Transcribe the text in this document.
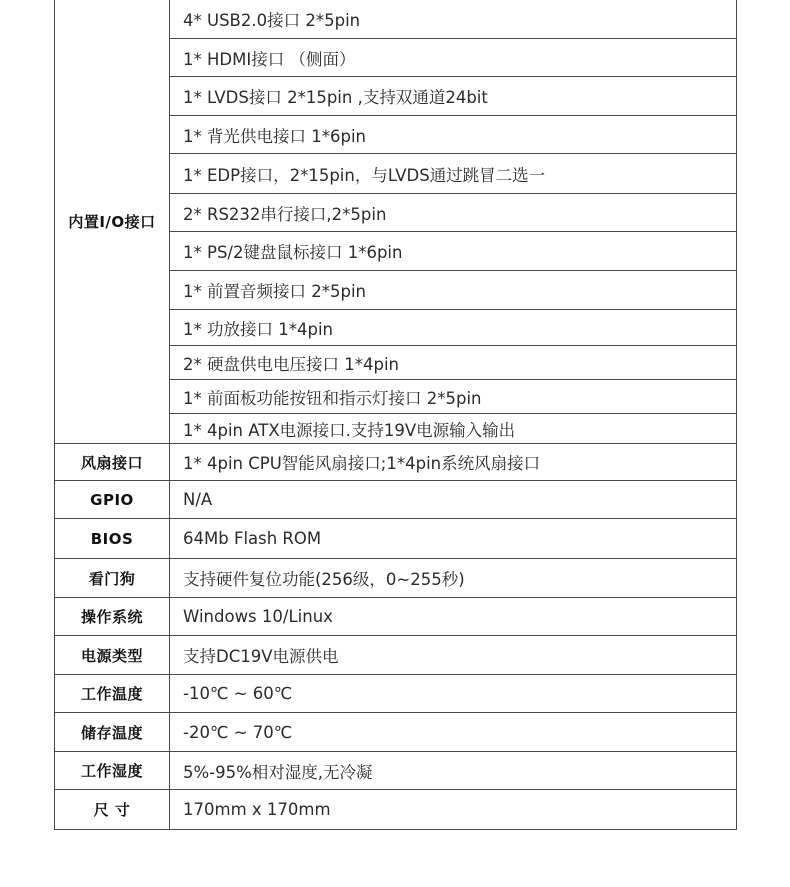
内置I/O接口	4* USB2.0接口 2*5pin
	1* HDMI接口 （侧面）
	1* LVDS接口 2*15pin ,支持双通道24bit
	1* 背光供电接口 1*6pin
	1* EDP接口，2*15pin，与LVDS通过跳冒二选一
	2* RS232串行接口,2*5pin
	1* PS/2键盘鼠标接口 1*6pin
	1* 前置音频接口 2*5pin
	1* 功放接口 1*4pin
	2* 硬盘供电电压接口 1*4pin
	1* 前面板功能按钮和指示灯接口 2*5pin
	1* 4pin ATX电源接口.支持19V电源输入输出
风扇接口	1* 4pin CPU智能风扇接口;1*4pin系统风扇接口
GPIO	N/A
BIOS	64Mb Flash ROM
看门狗	支持硬件复位功能(256级，0~255秒)
操作系统	Windows 10/Linux
电源类型	支持DC19V电源供电
工作温度	-10℃ ~ 60℃
储存温度	-20℃ ~ 70℃
工作湿度	5%-95%相对湿度,无冷凝
尺 寸	170mm x 170mm
